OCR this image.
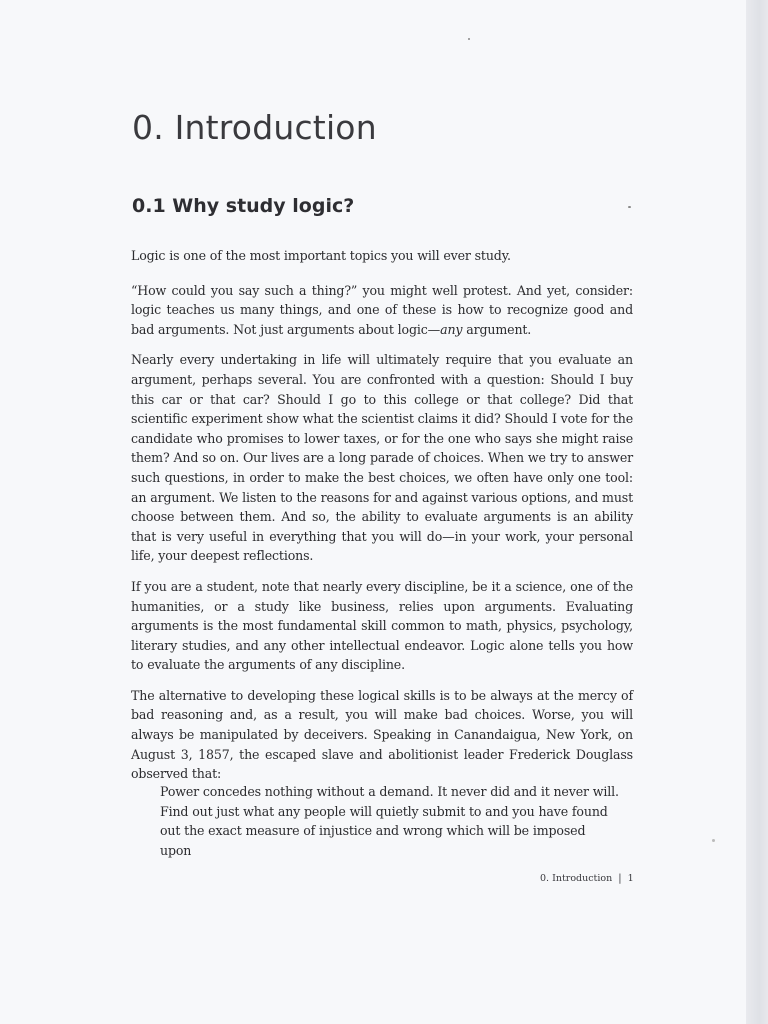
0. Introduction
0.1 Why study logic?

Logic is one of the most important topics you will ever study.

“How could you say such a thing?” you might well protest. And yet, consider: logic teaches us many things, and one of these is how to recognize good and bad arguments. Not just arguments about logic—any argument.

Nearly every undertaking in life will ultimately require that you evaluate an argument, perhaps several. You are confronted with a question: Should I buy this car or that car? Should I go to this college or that college? Did that scientific experiment show what the scientist claims it did? Should I vote for the candidate who promises to lower taxes, or for the one who says she might raise them? And so on. Our lives are a long parade of choices. When we try to answer such questions, in order to make the best choices, we often have only one tool: an argument. We listen to the reasons for and against various options, and must choose between them. And so, the ability to evaluate arguments is an ability that is very useful in everything that you will do—in your work, your personal life, your deepest reflections.

If you are a student, note that nearly every discipline, be it a science, one of the humanities, or a study like business, relies upon arguments. Evaluating arguments is the most fundamental skill common to math, physics, psychology, literary studies, and any other intellectual endeavor. Logic alone tells you how to evaluate the arguments of any discipline.

The alternative to developing these logical skills is to be always at the mercy of bad reasoning and, as a result, you will make bad choices. Worse, you will always be manipulated by deceivers. Speaking in Canandaigua, New York, on August 3, 1857, the escaped slave and abolitionist leader Frederick Douglass observed that:

Power concedes nothing without a demand. It never did and it never will. Find out just what any people will quietly submit to and you have found out the exact measure of injustice and wrong which will be imposed upon

0. Introduction | 1
